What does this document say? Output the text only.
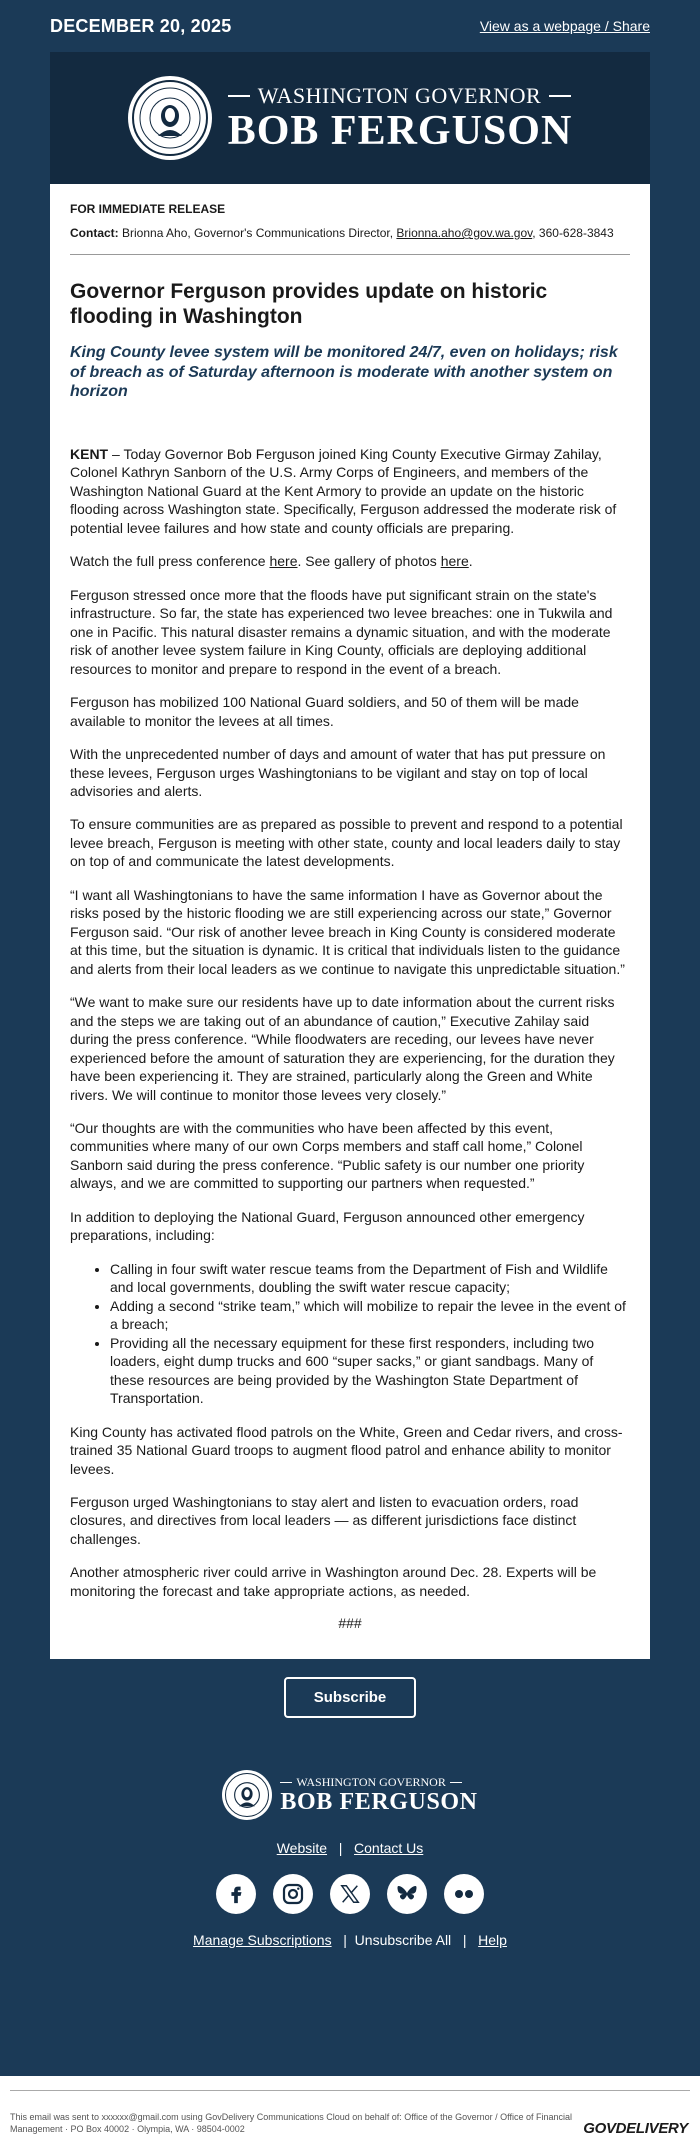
DECEMBER 20, 2025	View as a webpage / Share
WASHINGTON GOVERNOR
BOB FERGUSON
FOR IMMEDIATE RELEASE
Contact: Brionna Aho, Governor's Communications Director, Brionna.aho@gov.wa.gov, 360-628-3843
Governor Ferguson provides update on historic flooding in Washington
King County levee system will be monitored 24/7, even on holidays; risk of breach as of Saturday afternoon is moderate with another system on horizon

KENT – Today Governor Bob Ferguson joined King County Executive Girmay Zahilay, Colonel Kathryn Sanborn of the U.S. Army Corps of Engineers, and members of the Washington National Guard at the Kent Armory to provide an update on the historic flooding across Washington state. Specifically, Ferguson addressed the moderate risk of potential levee failures and how state and county officials are preparing.

Watch the full press conference here. See gallery of photos here.

Ferguson stressed once more that the floods have put significant strain on the state's infrastructure. So far, the state has experienced two levee breaches: one in Tukwila and one in Pacific. This natural disaster remains a dynamic situation, and with the moderate risk of another levee system failure in King County, officials are deploying additional resources to monitor and prepare to respond in the event of a breach.

Ferguson has mobilized 100 National Guard soldiers, and 50 of them will be made available to monitor the levees at all times.

With the unprecedented number of days and amount of water that has put pressure on these levees, Ferguson urges Washingtonians to be vigilant and stay on top of local advisories and alerts.

To ensure communities are as prepared as possible to prevent and respond to a potential levee breach, Ferguson is meeting with other state, county and local leaders daily to stay on top of and communicate the latest developments.

“I want all Washingtonians to have the same information I have as Governor about the risks posed by the historic flooding we are still experiencing across our state,” Governor Ferguson said. “Our risk of another levee breach in King County is considered moderate at this time, but the situation is dynamic. It is critical that individuals listen to the guidance and alerts from their local leaders as we continue to navigate this unpredictable situation.”

“We want to make sure our residents have up to date information about the current risks and the steps we are taking out of an abundance of caution,” Executive Zahilay said during the press conference. “While floodwaters are receding, our levees have never experienced before the amount of saturation they are experiencing, for the duration they have been experiencing it. They are strained, particularly along the Green and White rivers. We will continue to monitor those levees very closely.”

“Our thoughts are with the communities who have been affected by this event, communities where many of our own Corps members and staff call home,” Colonel Sanborn said during the press conference. “Public safety is our number one priority always, and we are committed to supporting our partners when requested.”

In addition to deploying the National Guard, Ferguson announced other emergency preparations, including:

• Calling in four swift water rescue teams from the Department of Fish and Wildlife and local governments, doubling the swift water rescue capacity;
• Adding a second “strike team,” which will mobilize to repair the levee in the event of a breach;
• Providing all the necessary equipment for these first responders, including two loaders, eight dump trucks and 600 “super sacks,” or giant sandbags. Many of these resources are being provided by the Washington State Department of Transportation.

King County has activated flood patrols on the White, Green and Cedar rivers, and cross-trained 35 National Guard troops to augment flood patrol and enhance ability to monitor levees.

Ferguson urged Washingtonians to stay alert and listen to evacuation orders, road closures, and directives from local leaders — as different jurisdictions face distinct challenges.

Another atmospheric river could arrive in Washington around Dec. 28. Experts will be monitoring the forecast and take appropriate actions, as needed.

###
Subscribe
WASHINGTON GOVERNOR
BOB FERGUSON
Website | Contact Us
Manage Subscriptions | Unsubscribe All | Help
This email was sent to xxxxxx@gmail.com using GovDelivery Communications Cloud on behalf of: Office of the Governor / Office of Financial Management · PO Box 40002 · Olympia, WA · 98504-0002	GOVDELIVERY
